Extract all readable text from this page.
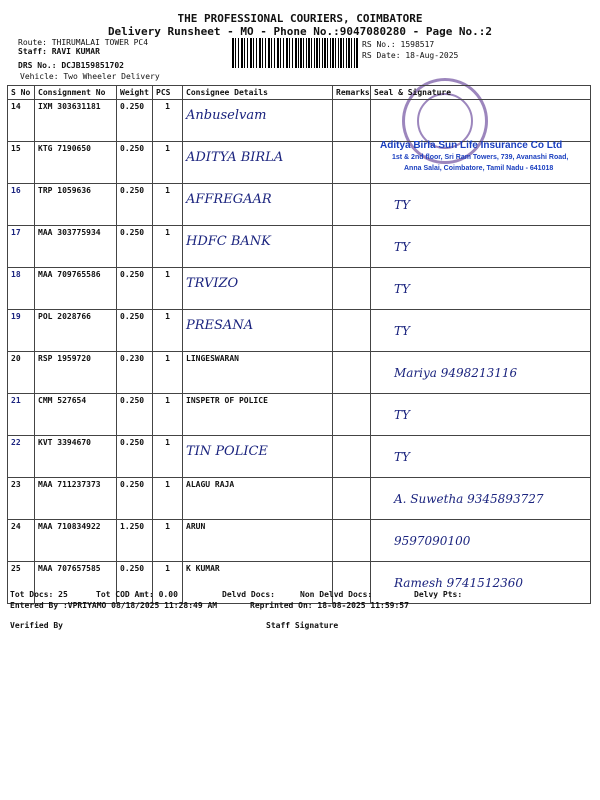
THE PROFESSIONAL COURIERS, COIMBATORE
Delivery Runsheet - MO - Phone No.:9047080280 - Page No.:2
Route: THIRUMALAI TOWER PC4
Staff: RAVI KUMAR
DRS No.: DCJB159851702
Vehicle: Two Wheeler Delivery
RS No.: 1598517
RS Date: 18-Aug-2025
S No	Consignment No	Weight	PCS	Consignee Details	Remarks	Seal & Signature
14	IXM 303631181	0.250	1	Anbuselvam		

15	KTG 7190650	0.250	1	ADITYA BIRLA		

16	TRP 1059636	0.250	1	AFFREGAAR		TY

17	MAA 303775934	0.250	1	HDFC BANK		TY

18	MAA 709765586	0.250	1	TRVIZO		TY

19	POL 2028766	0.250	1	PRESANA		TY

20	RSP 1959720	0.230	1	LINGESWARAN		Mariya 9498213116

21	CMM 527654	0.250	1	INSPETR OF POLICE		TY

22	KVT 3394670	0.250	1	TIN POLICE		TY

23	MAA 711237373	0.250	1	ALAGU RAJA		A. Suwetha 9345893727

24	MAA 710834922	1.250	1	ARUN		9597090100

25	MAA 707657585	0.250	1	K KUMAR		Ramesh 9741512360
Aditya Birla Sun Life Insurance Co Ltd
1st & 2nd floor, Sri Ram Towers, 739, Avanashi Road,
Anna Salai, Coimbatore, Tamil Nadu - 641018
Tot Docs: 25	Tot COD Amt: 0.00	Delvd Docs:	Non Delvd Docs:	Delvy Pts:
Entered By :VPRIYAMO 08/18/2025 11:28:49 AM	Reprinted On: 18-08-2025 11:59:57
Verified By	Staff Signature
